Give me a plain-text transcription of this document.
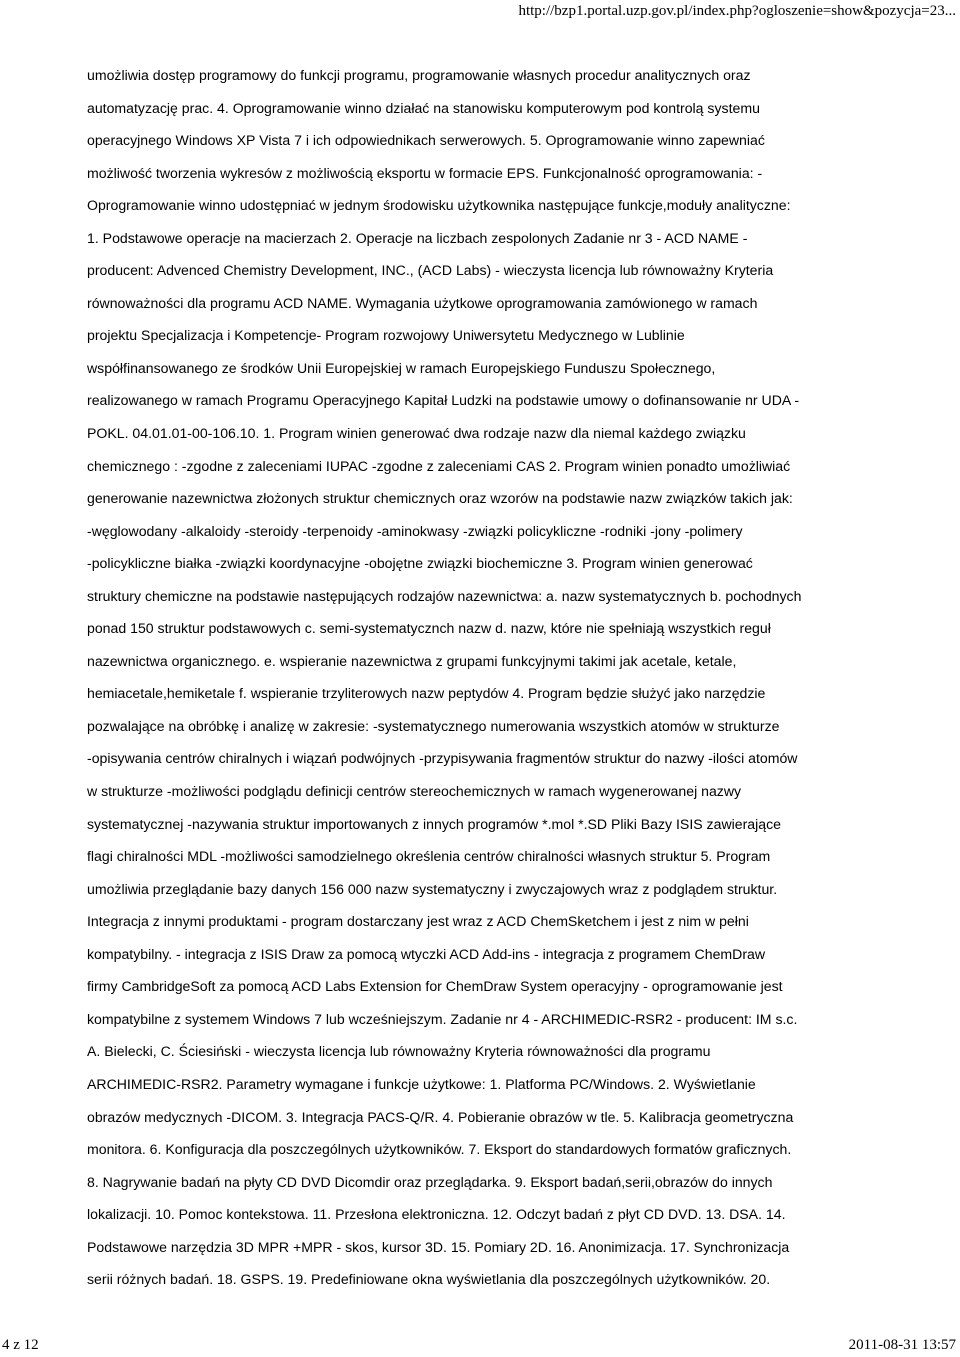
http://bzp1.portal.uzp.gov.pl/index.php?ogloszenie=show&pozycja=23...
umożliwia dostęp programowy do funkcji programu, programowanie własnych procedur analitycznych oraz
automatyzację prac. 4. Oprogramowanie winno działać na stanowisku komputerowym pod kontrolą systemu
operacyjnego Windows XP Vista 7 i ich odpowiednikach serwerowych. 5. Oprogramowanie winno zapewniać
możliwość tworzenia wykresów z możliwością eksportu w formacie EPS. Funkcjonalność oprogramowania: -
Oprogramowanie winno udostępniać w jednym środowisku użytkownika następujące funkcje,moduły analityczne:
1. Podstawowe operacje na macierzach 2. Operacje na liczbach zespolonych Zadanie nr 3 - ACD NAME -
producent: Advenced Chemistry Development, INC., (ACD Labs) - wieczysta licencja lub równoważny Kryteria
równoważności dla programu ACD NAME. Wymagania użytkowe oprogramowania zamówionego w ramach
projektu Specjalizacja i Kompetencje- Program rozwojowy Uniwersytetu Medycznego w Lublinie
współfinansowanego ze środków Unii Europejskiej w ramach Europejskiego Funduszu Społecznego,
realizowanego w ramach Programu Operacyjnego Kapitał Ludzki na podstawie umowy o dofinansowanie nr UDA -
POKL. 04.01.01-00-106.10. 1. Program winien generować dwa rodzaje nazw dla niemal każdego związku
chemicznego : -zgodne z zaleceniami IUPAC -zgodne z zaleceniami CAS 2. Program winien ponadto umożliwiać
generowanie nazewnictwa złożonych struktur chemicznych oraz wzorów na podstawie nazw związków takich jak:
-węglowodany -alkaloidy -steroidy -terpenoidy -aminokwasy -związki policykliczne -rodniki -jony -polimery
-policykliczne białka -związki koordynacyjne -obojętne związki biochemiczne 3. Program winien generować
struktury chemiczne na podstawie następujących rodzajów nazewnictwa: a. nazw systematycznych b. pochodnych
ponad 150 struktur podstawowych c. semi-systematycznch nazw d. nazw, które nie spełniają wszystkich reguł
nazewnictwa organicznego. e. wspieranie nazewnictwa z grupami funkcyjnymi takimi jak acetale, ketale,
hemiacetale,hemiketale f. wspieranie trzyliterowych nazw peptydów 4. Program będzie służyć jako narzędzie
pozwalające na obróbkę i analizę w zakresie: -systematycznego numerowania wszystkich atomów w strukturze
-opisywania centrów chiralnych i wiązań podwójnych -przypisywania fragmentów struktur do nazwy -ilości atomów
w strukturze -możliwości podglądu definicji centrów stereochemicznych w ramach wygenerowanej nazwy
systematycznej -nazywania struktur importowanych z innych programów *.mol *.SD Pliki Bazy ISIS zawierające
flagi chiralności MDL -możliwości samodzielnego określenia centrów chiralności własnych struktur 5. Program
umożliwia przeglądanie bazy danych 156 000 nazw systematyczny i zwyczajowych wraz z podglądem struktur.
Integracja z innymi produktami - program dostarczany jest wraz z ACD ChemSketchem i jest z nim w pełni
kompatybilny. - integracja z ISIS Draw za pomocą wtyczki ACD Add-ins - integracja z programem ChemDraw
firmy CambridgeSoft za pomocą ACD Labs Extension for ChemDraw System operacyjny - oprogramowanie jest
kompatybilne z systemem Windows 7 lub wcześniejszym. Zadanie nr 4 - ARCHIMEDIC-RSR2 - producent: IM s.c.
A. Bielecki, C. Ściesiński - wieczysta licencja lub równoważny Kryteria równoważności dla programu
ARCHIMEDIC-RSR2. Parametry wymagane i funkcje użytkowe: 1. Platforma PC/Windows. 2. Wyświetlanie
obrazów medycznych -DICOM. 3. Integracja PACS-Q/R. 4. Pobieranie obrazów w tle. 5. Kalibracja geometryczna
monitora. 6. Konfiguracja dla poszczególnych użytkowników. 7. Eksport do standardowych formatów graficznych.
8. Nagrywanie badań na płyty CD DVD Dicomdir oraz przeglądarka. 9. Eksport badań,serii,obrazów do innych
lokalizacji. 10. Pomoc kontekstowa. 11. Przesłona elektroniczna. 12. Odczyt badań z płyt CD DVD. 13. DSA. 14.
Podstawowe narzędzia 3D MPR +MPR - skos, kursor 3D. 15. Pomiary 2D. 16. Anonimizacja. 17. Synchronizacja
serii różnych badań. 18. GSPS. 19. Predefiniowane okna wyświetlania dla poszczególnych użytkowników. 20.
4 z 12	2011-08-31 13:57
